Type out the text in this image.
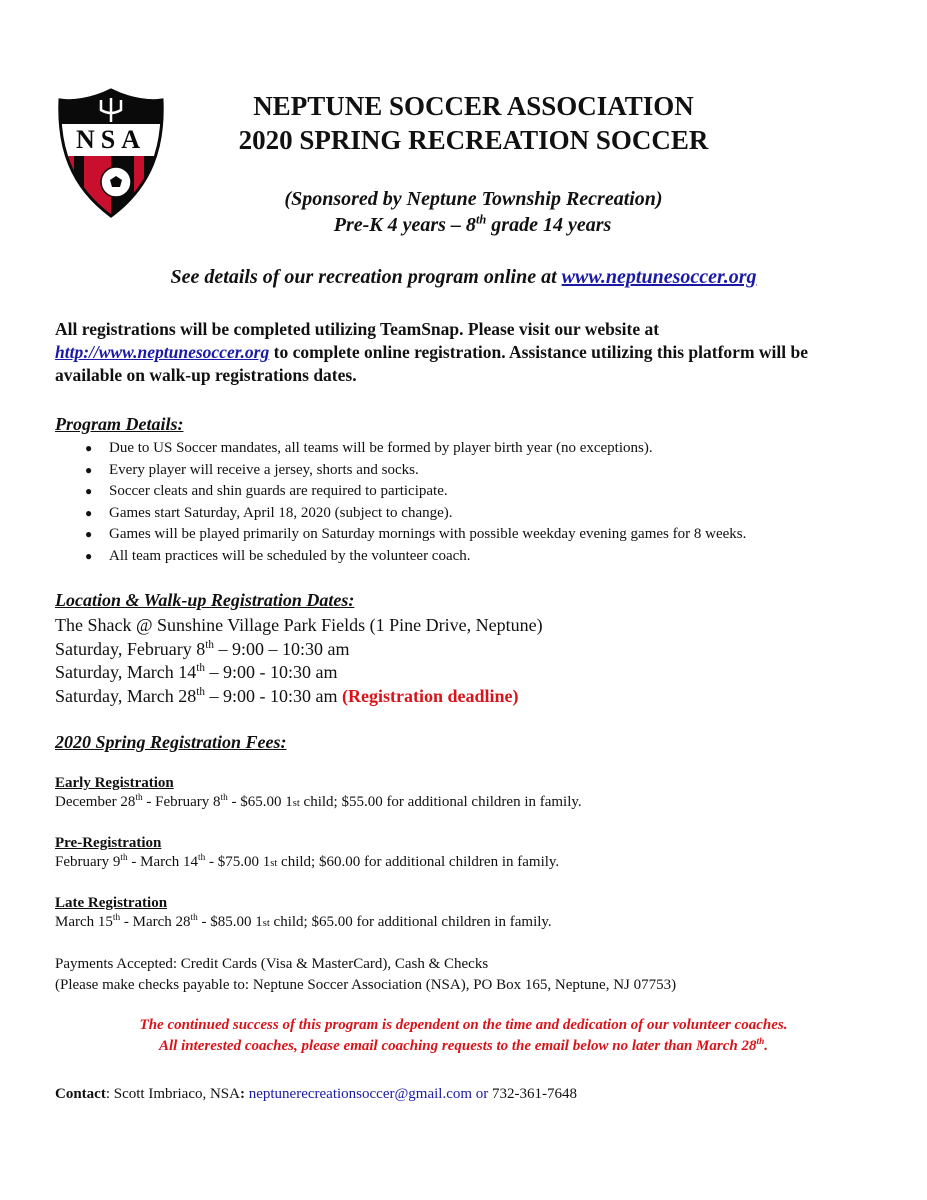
NSA
NEPTUNE SOCCER ASSOCIATION
2020 SPRING RECREATION SOCCER
(Sponsored by Neptune Township Recreation)
Pre-K 4 years – 8th grade 14 years
See details of our recreation program online at www.neptunesoccer.org
All registrations will be completed utilizing TeamSnap. Please visit our website at http://www.neptunesoccer.org to complete online registration. Assistance utilizing this platform will be available on walk-up registrations dates.
Program Details:
● Due to US Soccer mandates, all teams will be formed by player birth year (no exceptions).
● Every player will receive a jersey, shorts and socks.
● Soccer cleats and shin guards are required to participate.
● Games start Saturday, April 18, 2020 (subject to change).
● Games will be played primarily on Saturday mornings with possible weekday evening games for 8 weeks.
● All team practices will be scheduled by the volunteer coach.
Location & Walk-up Registration Dates:
The Shack @ Sunshine Village Park Fields (1 Pine Drive, Neptune)
Saturday, February 8th – 9:00 – 10:30 am
Saturday, March 14th – 9:00 - 10:30 am
Saturday, March 28th – 9:00 - 10:30 am (Registration deadline)
2020 Spring Registration Fees:
Early Registration
December 28th - February 8th - $65.00 1st child; $55.00 for additional children in family.
Pre-Registration
February 9th - March 14th - $75.00 1st child; $60.00 for additional children in family.
Late Registration
March 15th - March 28th - $85.00 1st child; $65.00 for additional children in family.
Payments Accepted: Credit Cards (Visa & MasterCard), Cash & Checks
(Please make checks payable to: Neptune Soccer Association (NSA), PO Box 165, Neptune, NJ 07753)
The continued success of this program is dependent on the time and dedication of our volunteer coaches.
All interested coaches, please email coaching requests to the email below no later than March 28th.
Contact: Scott Imbriaco, NSA: neptunerecreationsoccer@gmail.com or 732-361-7648
